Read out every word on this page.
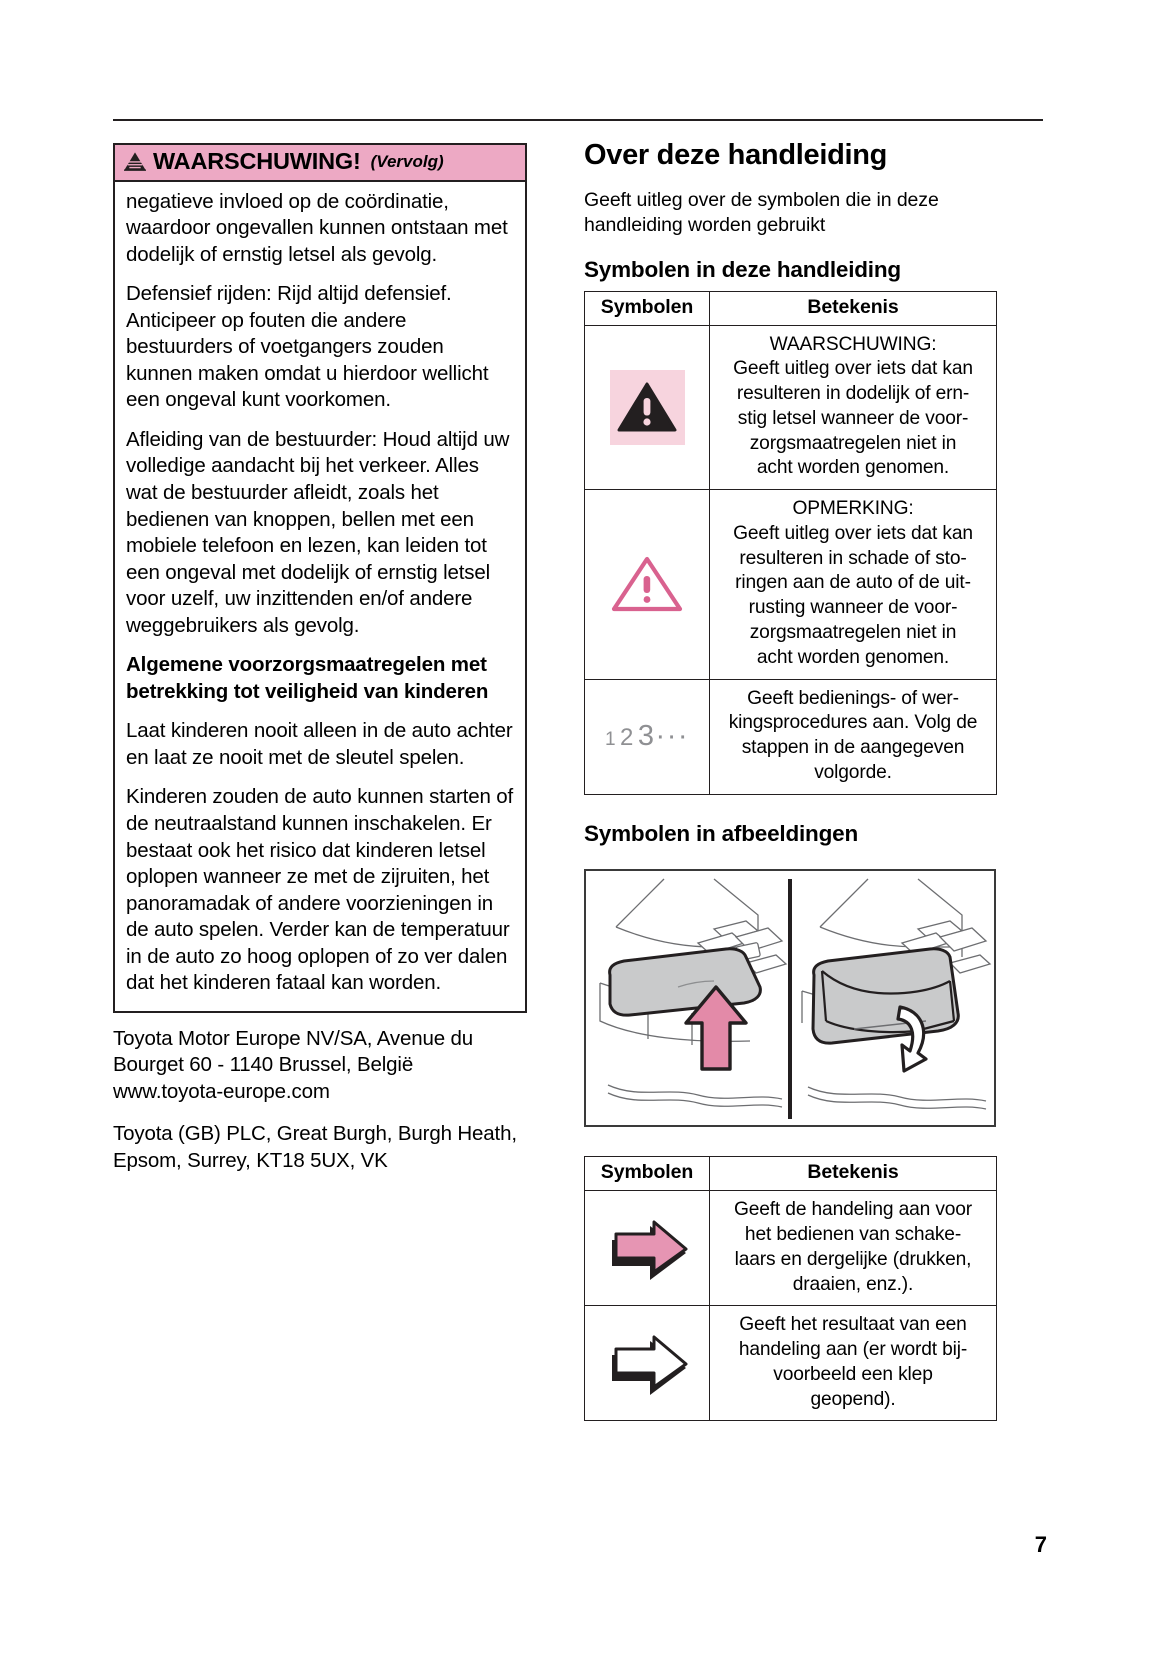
WAARSCHUWING! (Vervolg)

negatieve invloed op de coördinatie, waardoor ongevallen kunnen ontstaan met dodelijk of ernstig letsel als gevolg.

Defensief rijden: Rijd altijd defensief. Anticipeer op fouten die andere bestuurders of voetgangers zouden kunnen maken omdat u hierdoor wellicht een ongeval kunt voorkomen.

Afleiding van de bestuurder: Houd altijd uw volledige aandacht bij het verkeer. Alles wat de bestuurder afleidt, zoals het bedienen van knoppen, bellen met een mobiele telefoon en lezen, kan leiden tot een ongeval met dodelijk of ernstig letsel voor uzelf, uw inzittenden en/of andere weggebruikers als gevolg.

Algemene voorzorgsmaatregelen met betrekking tot veiligheid van kinderen

Laat kinderen nooit alleen in de auto achter en laat ze nooit met de sleutel spelen.

Kinderen zouden de auto kunnen starten of de neutraalstand kunnen inschakelen. Er bestaat ook het risico dat kinderen letsel oplopen wanneer ze met de zijruiten, het panoramadak of andere voorzieningen in de auto spelen. Verder kan de temperatuur in de auto zo hoog oplopen of zo ver dalen dat het kinderen fataal kan worden.

Toyota Motor Europe NV/SA, Avenue du Bourget 60 - 1140 Brussel, België www.toyota-europe.com

Toyota (GB) PLC, Great Burgh, Burgh Heath, Epsom, Surrey, KT18 5UX, VK

Over deze handleiding

Geeft uitleg over de symbolen die in deze handleiding worden gebruikt

Symbolen in deze handleiding
Symbolen	Betekenis

	WAARSCHUWING:
Geeft uitleg over iets dat kan
resulteren in dodelijk of ern-
stig letsel wanneer de voor-
zorgsmaatregelen niet in
acht worden genomen.

	OPMERKING:
Geeft uitleg over iets dat kan
resulteren in schade of sto-
ringen aan de auto of de uit-
rusting wanneer de voor-
zorgsmaatregelen niet in
acht worden genomen.

1 2 3 ···	Geeft bedienings- of wer-
kingsprocedures aan. Volg de
stappen in de aangegeven
volgorde.
Symbolen in afbeeldingen
Symbolen	Betekenis

	Geeft de handeling aan voor
het bedienen van schake-
laars en dergelijke (drukken,
draaien, enz.).

	Geeft het resultaat van een
handeling aan (er wordt bij-
voorbeeld een klep
geopend).
7
